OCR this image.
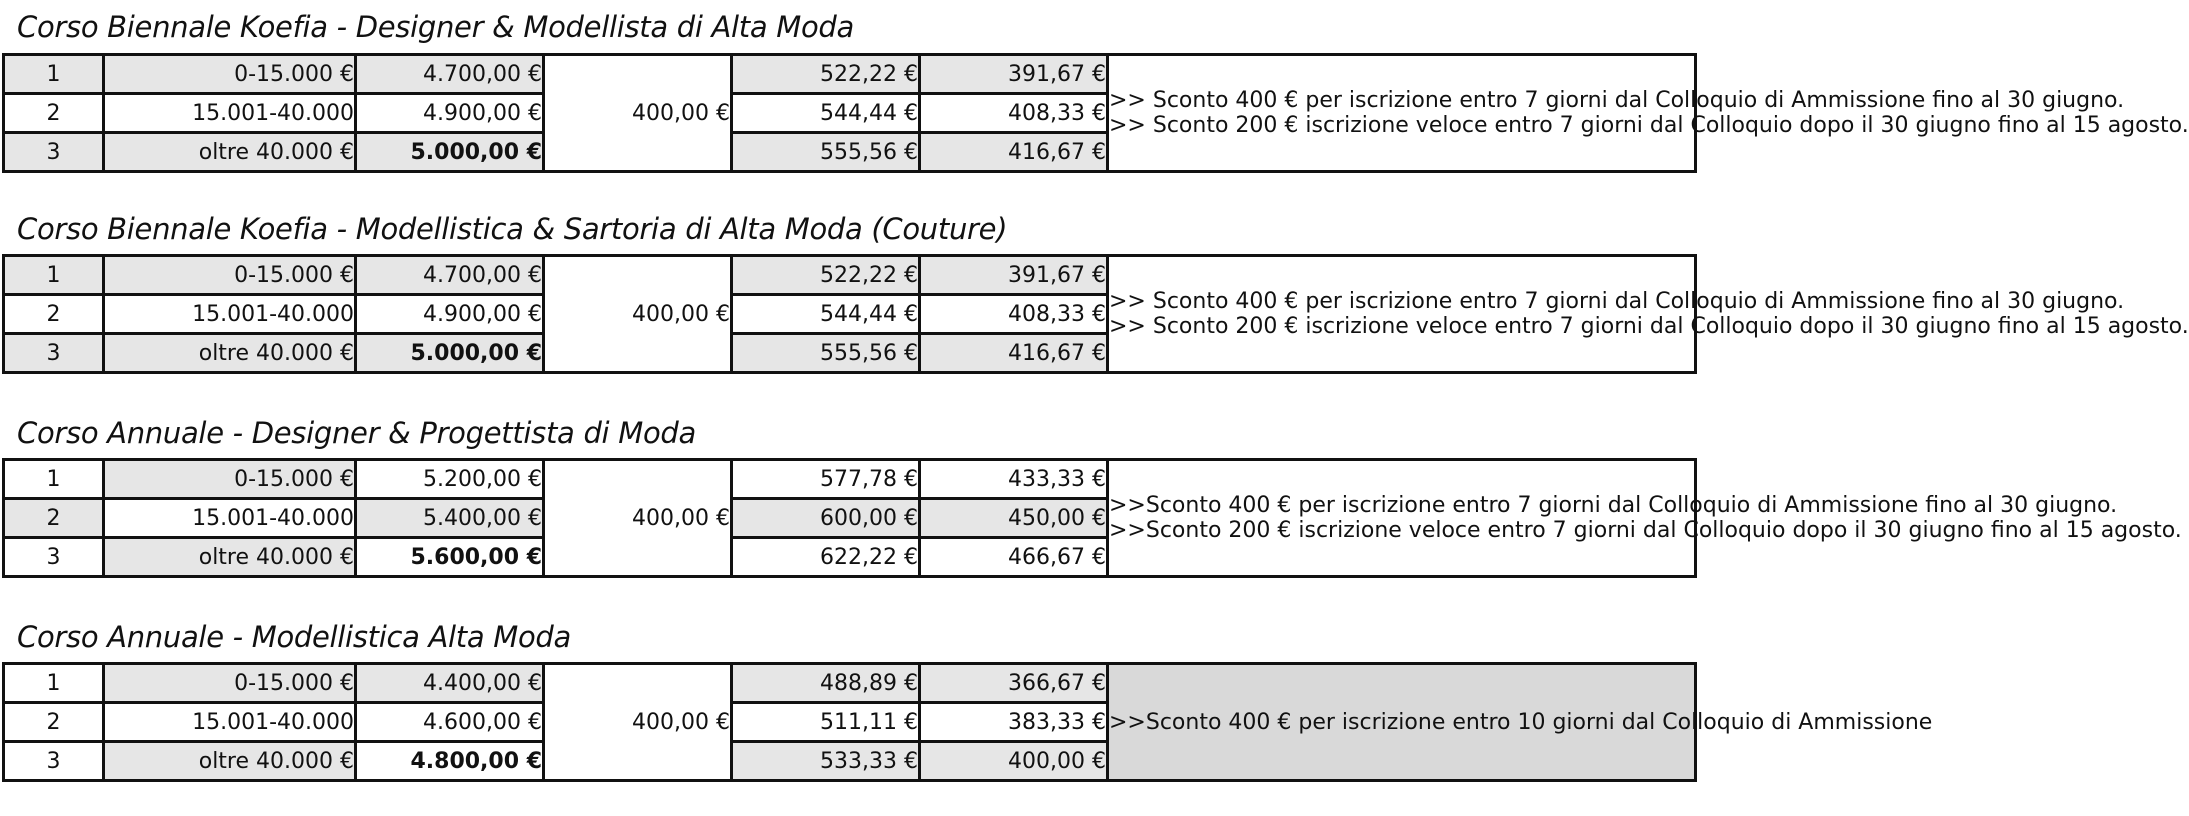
Corso Biennale Koefia - Designer & Modellista di Alta Moda
1	0-15.000 €	4.700,00 €	400,00 €	522,22 €	391,67 €	>> Sconto 400 € per iscrizione entro 7 giorni dal Colloquio di Ammissione fino al 30 giugno.
>> Sconto 200 € iscrizione veloce entro 7 giorni dal Colloquio dopo il 30 giugno fino al 15 agosto.

2	15.001-40.000	4.900,00 €		544,44 €	408,33 €	
3	oltre 40.000 €	5.000,00 €		555,56 €	416,67 €	
Corso Biennale Koefia - Modellistica & Sartoria di Alta Moda (Couture)
1	0-15.000 €	4.700,00 €	400,00 €	522,22 €	391,67 €	>> Sconto 400 € per iscrizione entro 7 giorni dal Colloquio di Ammissione fino al 30 giugno.
>> Sconto 200 € iscrizione veloce entro 7 giorni dal Colloquio dopo il 30 giugno fino al 15 agosto.

2	15.001-40.000	4.900,00 €		544,44 €	408,33 €	
3	oltre 40.000 €	5.000,00 €		555,56 €	416,67 €	
Corso Annuale - Designer & Progettista di Moda
1	0-15.000 €	5.200,00 €	400,00 €	577,78 €	433,33 €	>>Sconto 400 € per iscrizione entro 7 giorni dal Colloquio di Ammissione fino al 30 giugno.
>>Sconto 200 € iscrizione veloce entro 7 giorni dal Colloquio dopo il 30 giugno fino al 15 agosto.

2	15.001-40.000	5.400,00 €		600,00 €	450,00 €	
3	oltre 40.000 €	5.600,00 €		622,22 €	466,67 €	
Corso Annuale - Modellistica Alta Moda
1	0-15.000 €	4.400,00 €	400,00 €	488,89 €	366,67 €	>>Sconto 400 € per iscrizione entro 10 giorni dal Colloquio di Ammissione

2	15.001-40.000	4.600,00 €		511,11 €	383,33 €	
3	oltre 40.000 €	4.800,00 €		533,33 €	400,00 €	
